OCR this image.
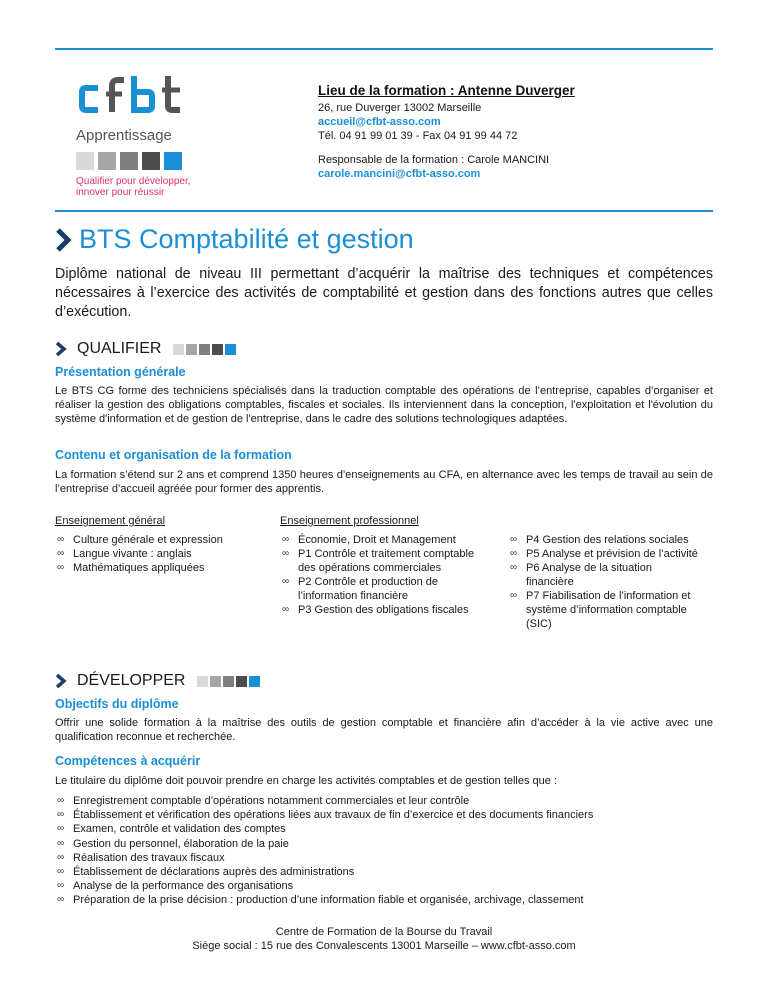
Apprentissage
Qualifier pour développer,
innover pour réussir
Lieu de la formation : Antenne Duverger
26, rue Duverger 13002 Marseille
accueil@cfbt-asso.com
Tél. 04 91 99 01 39 - Fax 04 91 99 44 72
Responsable de la formation : Carole MANCINI
carole.mancini@cfbt-asso.com
BTS Comptabilité et gestion
Diplôme national de niveau III permettant d’acquérir la maîtrise des techniques et compétences nécessaires à l’exercice des activités de comptabilité et gestion dans des fonctions autres que celles d’exécution.
QUALIFIER
Présentation générale
Le BTS CG forme des techniciens spécialisés dans la traduction comptable des opérations de l’entreprise, capables d’organiser et réaliser la gestion des obligations comptables, fiscales et sociales. Ils interviennent dans la conception, l'exploitation et l'évolution du système d'information et de gestion de l'entreprise, dans le cadre des solutions technologiques adaptées.
Contenu et organisation de la formation
La formation s’étend sur 2 ans et comprend 1350 heures d’enseignements au CFA, en alternance avec les temps de travail au sein de l’entreprise d’accueil agréée pour former des apprentis.
Enseignement général
∞ Culture générale et expression
∞ Langue vivante : anglais
∞ Mathématiques appliquées
Enseignement professionnel
∞ Économie, Droit et Management
∞ P1 Contrôle et traitement comptable des opérations commerciales
∞ P2 Contrôle et production de l’information financière
∞ P3 Gestion des obligations fiscales
∞ P4 Gestion des relations sociales
∞ P5 Analyse et prévision de l’activité
∞ P6 Analyse de la situation financière
∞ P7 Fiabilisation de l’information et système d’information comptable (SIC)
DÉVELOPPER
Objectifs du diplôme
Offrir une solide formation à la maîtrise des outils de gestion comptable et financière afin d’accéder à la vie active avec une qualification reconnue et recherchée.
Compétences à acquérir
Le titulaire du diplôme doit pouvoir prendre en charge les activités comptables et de gestion telles que :
∞ Enregistrement comptable d’opérations notamment commerciales et leur contrôle
∞ Établissement et vérification des opérations liées aux travaux de fin d’exercice et des documents financiers
∞ Examen, contrôle et validation des comptes
∞ Gestion du personnel, élaboration de la paie
∞ Réalisation des travaux fiscaux
∞ Établissement de déclarations auprès des administrations
∞ Analyse de la performance des organisations
∞ Préparation de la prise décision : production d’une information fiable et organisée, archivage, classement
Centre de Formation de la Bourse du Travail
Siège social : 15 rue des Convalescents 13001 Marseille – www.cfbt-asso.com
